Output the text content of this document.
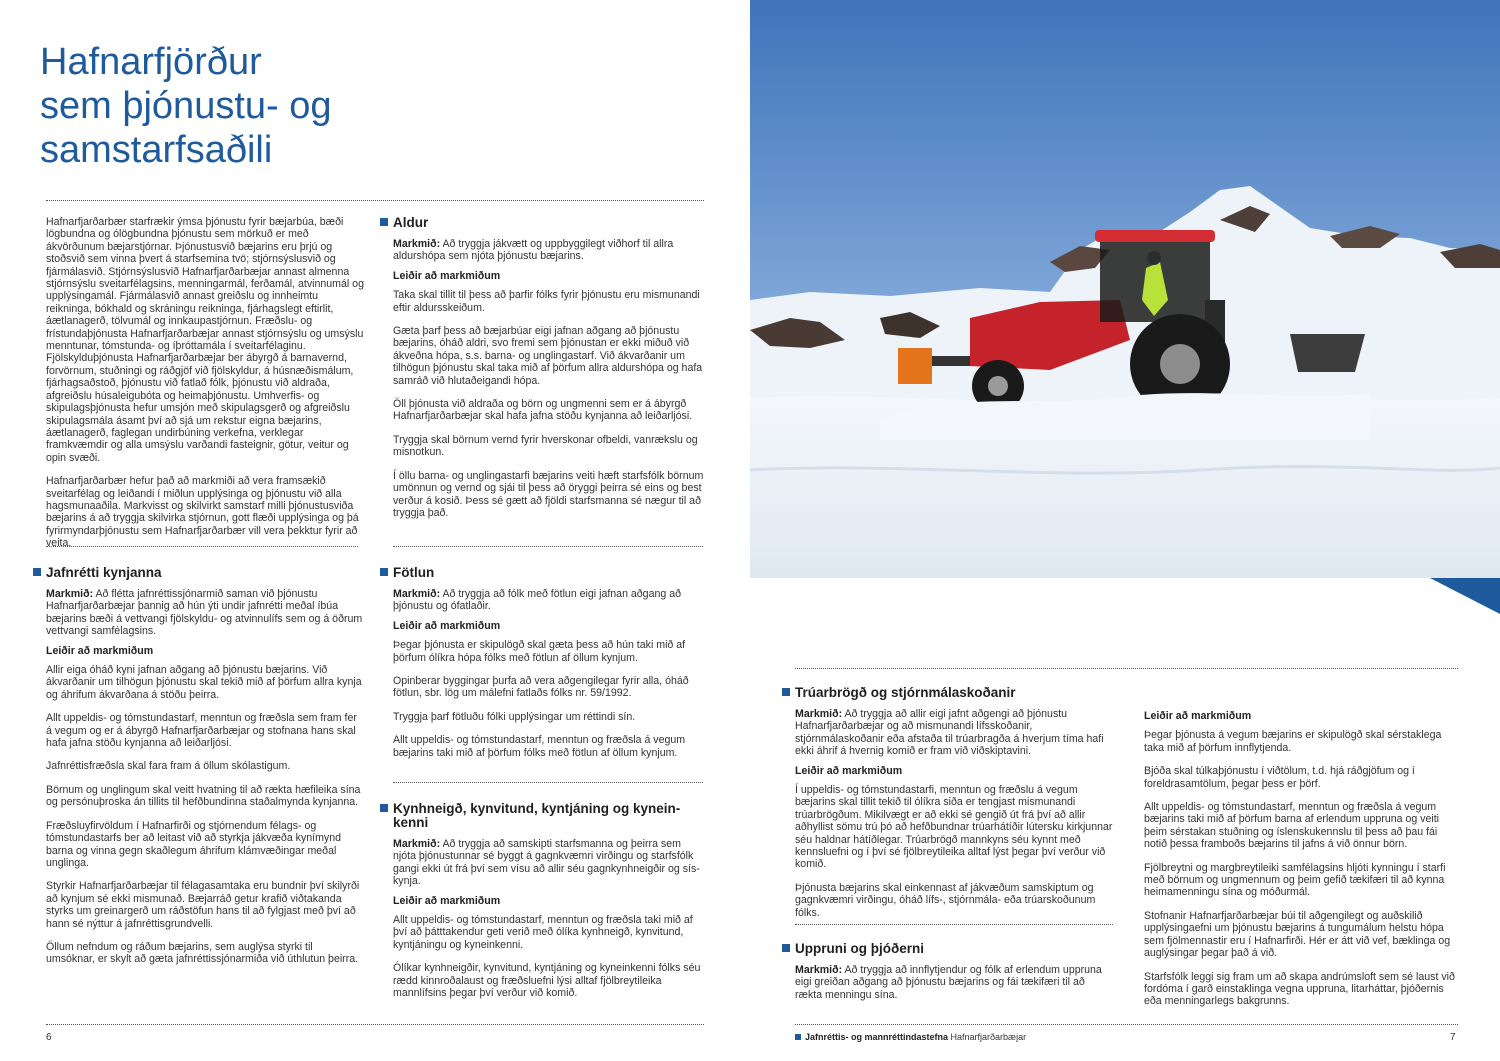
Hafnarfjörður
sem þjónustu- og
samstarfsaðili

Hafnarfjarðarbær starfrækir ýmsa þjónustu fyrir bæjarbúa, bæði lögbundna og ólögbundna þjónustu sem mörkuð er með ákvörðunum bæjarstjórnar. Þjónustusvið bæjarins eru þrjú og stoðsvið sem vinna þvert á starfsemina tvö; stjórnsýslusvið og fjármálasvið. Stjórnsýslusvið Hafnarfjarðarbæjar annast almenna stjórnsýslu sveitarfélagsins, menningarmál, ferðamál, atvinnumál og upplýsingamál. Fjármálasvið annast greiðslu og innheimtu reikninga, bókhald og skráningu reikninga, fjárhagslegt eftirlit, áætlanagerð, tölvumál og innkaupastjórnun. Fræðslu- og frístundaþjónusta Hafnarfjarðarbæjar annast stjórnsýslu og umsýslu menntunar, tómstunda- og íþróttamála í sveitarfélaginu. Fjölskylduþjónusta Hafnarfjarðarbæjar ber ábyrgð á barnavernd, forvörnum, stuðningi og ráðgjöf við fjölskyldur, á húsnæðismálum, fjárhagsaðstoð, þjónustu við fatlað fólk, þjónustu við aldraða, afgreiðslu húsaleigubóta og heimaþjónustu. Umhverfis- og skipulagsþjónusta hefur umsjón með skipulagsgerð og afgreiðslu skipulagsmála ásamt því að sjá um rekstur eigna bæjarins, áætlanagerð, faglegan undirbúning verkefna, verklegar framkvæmdir og alla umsýslu varðandi fasteignir, götur, veitur og opin svæði.

Hafnarfjarðarbær hefur það að markmiði að vera framsækið sveitarfélag og leiðandi í miðlun upplýsinga og þjónustu við alla hagsmunaaðila. Markvisst og skilvirkt samstarf milli þjónustusviða bæjarins á að tryggja skilvirka stjórnun, gott flæði upplýsinga og þá fyrirmyndarþjónustu sem Hafnarfjarðarbær vill vera þekktur fyrir að veita.

Jafnrétti kynjanna

Markmið: Að flétta jafnréttissjónarmið saman við þjónustu Hafnarfjarðarbæjar þannig að hún ýti undir jafnrétti meðal íbúa bæjarins bæði á vettvangi fjölskyldu- og atvinnulífs sem og á öðrum vettvangi samfélagsins.

Leiðir að markmiðum

Allir eiga óháð kyni jafnan aðgang að þjónustu bæjarins. Við ákvarðanir um tilhögun þjónustu skal tekið mið af þörfum allra kynja og áhrifum ákvarðana á stöðu þeirra.

Allt uppeldis- og tómstundastarf, menntun og fræðsla sem fram fer á vegum og er á ábyrgð Hafnarfjarðarbæjar og stofnana hans skal hafa jafna stöðu kynjanna að leiðarljósi.

Jafnréttisfræðsla skal fara fram á öllum skólastigum.

Börnum og unglingum skal veitt hvatning til að rækta hæfileika sína og persónuþroska án tillits til hefðbundinna staðalmynda kynjanna.

Fræðsluyfirvöldum í Hafnarfirði og stjórnendum félags- og tómstundastarfs ber að leitast við að styrkja jákvæða kynímynd barna og vinna gegn skaðlegum áhrifum klámvæðingar meðal unglinga.

Styrkir Hafnarfjarðarbæjar til félagasamtaka eru bundnir því skilyrði að kynjum sé ekki mismunað. Bæjarráð getur krafið viðtakanda styrks um greinargerð um ráðstöfun hans til að fylgjast með því að hann sé nýttur á jafnréttisgrundvelli.

Öllum nefndum og ráðum bæjarins, sem auglýsa styrki til umsóknar, er skylt að gæta jafnréttissjónarmiða við úthlutun þeirra.

Aldur

Markmið: Að tryggja jákvætt og uppbyggilegt viðhorf til allra aldurshópa sem njóta þjónustu bæjarins.

Leiðir að markmiðum

Taka skal tillit til þess að þarfir fólks fyrir þjónustu eru mismunandi eftir aldursskeiðum.

Gæta þarf þess að bæjarbúar eigi jafnan aðgang að þjónustu bæjarins, óháð aldri, svo fremi sem þjónustan er ekki miðuð við ákveðna hópa, s.s. barna- og unglingastarf. Við ákvarðanir um tilhögun þjónustu skal taka mið af þörfum allra aldurshópa og hafa samráð við hlutaðeigandi hópa.

Öll þjónusta við aldraða og börn og ungmenni sem er á ábyrgð Hafnarfjarðarbæjar skal hafa jafna stöðu kynjanna að leiðarljósi.

Tryggja skal börnum vernd fyrir hverskonar ofbeldi, vanrækslu og misnotkun.

Í öllu barna- og unglingastarfi bæjarins veiti hæft starfsfólk börnum umönnun og vernd og sjái til þess að öryggi þeirra sé eins og best verður á kosið. Þess sé gætt að fjöldi starfsmanna sé nægur til að tryggja það.

Fötlun

Markmið: Að tryggja að fólk með fötlun eigi jafnan aðgang að þjónustu og ófatlaðir.

Leiðir að markmiðum

Þegar þjónusta er skipulögð skal gæta þess að hún taki mið af þörfum ólíkra hópa fólks með fötlun af öllum kynjum.

Opinberar byggingar þurfa að vera aðgengilegar fyrir alla, óháð fötlun, sbr. lög um málefni fatlaðs fólks nr. 59/1992.

Tryggja þarf fötluðu fólki upplýsingar um réttindi sín.

Allt uppeldis- og tómstundastarf, menntun og fræðsla á vegum bæjarins taki mið af þörfum fólks með fötlun af öllum kynjum.

Kynhneigð, kynvitund, kyntjáning og kynein-
kenni

Markmið: Að tryggja að samskipti starfsmanna og þeirra sem njóta þjónustunnar sé byggt á gagnkvæmri virðingu og starfsfólk gangi ekki út frá því sem vísu að allir séu gagnkynhneigðir og sís-kynja.

Leiðir að markmiðum

Allt uppeldis- og tómstundastarf, menntun og fræðsla taki mið af því að þátttakendur geti verið með ólíka kynhneigð, kynvitund, kyntjáningu og kyneinkenni.

Ólíkar kynhneigðir, kynvitund, kyntjáning og kyneinkenni fólks séu rædd kinnroðalaust og fræðsluefni lýsi alltaf fjölbreytileika mannlífsins þegar því verður við komið.

6
Trúarbrögð og stjórnmálaskoðanir

Markmið: Að tryggja að allir eigi jafnt aðgengi að þjónustu Hafnarfjarðarbæjar og að mismunandi lífsskoðanir, stjórnmálaskoðanir eða afstaða til trúarbragða á hverjum tíma hafi ekki áhrif á hvernig komið er fram við viðskiptavini.

Leiðir að markmiðum

Í uppeldis- og tómstundastarfi, menntun og fræðslu á vegum bæjarins skal tillit tekið til ólíkra siða er tengjast mismunandi trúarbrögðum. Mikilvægt er að ekki sé gengið út frá því að allir aðhyllist sömu trú þó að hefðbundnar trúarhátíðir lútersku kirkjunnar séu haldnar hátíðlegar. Trúarbrögð mannkyns séu kynnt með kennsluefni og í því sé fjölbreytileika alltaf lýst þegar því verður við komið.

Þjónusta bæjarins skal einkennast af jákvæðum samskiptum og gagnkvæmri virðingu, óháð lífs-, stjórnmála- eða trúarskoðunum fólks.

Uppruni og þjóðerni

Markmið: Að tryggja að innflytjendur og fólk af erlendum uppruna eigi greiðan aðgang að þjónustu bæjarins og fái tækifæri til að rækta menningu sína.

Leiðir að markmiðum

Þegar þjónusta á vegum bæjarins er skipulögð skal sérstaklega taka mið af þörfum innflytjenda.

Bjóða skal túlkaþjónustu í viðtölum, t.d. hjá ráðgjöfum og í foreldrasamtölum, þegar þess er þörf.

Allt uppeldis- og tómstundastarf, menntun og fræðsla á vegum bæjarins taki mið af þörfum barna af erlendum uppruna og veiti þeim sérstakan stuðning og íslenskukennslu til þess að þau fái notið þessa framboðs bæjarins til jafns á við önnur börn.

Fjölbreytni og margbreytileiki samfélagsins hljóti kynningu í starfi með börnum og ungmennum og þeim gefið tækifæri til að kynna heimamenningu sína og móðurmál.

Stofnanir Hafnarfjarðarbæjar búi til aðgengilegt og auðskilið upplýsingaefni um þjónustu bæjarins á tungumálum helstu hópa sem fjölmennastir eru í Hafnarfirði. Hér er átt við vef, bæklinga og auglýsingar þegar það á við.

Starfsfólk leggi sig fram um að skapa andrúmsloft sem sé laust við fordóma í garð einstaklinga vegna uppruna, litarháttar, þjóðernis eða menningarlegs bakgrunns.

Jafnréttis- og mannréttindastefna Hafnarfjarðarbæjar	7
